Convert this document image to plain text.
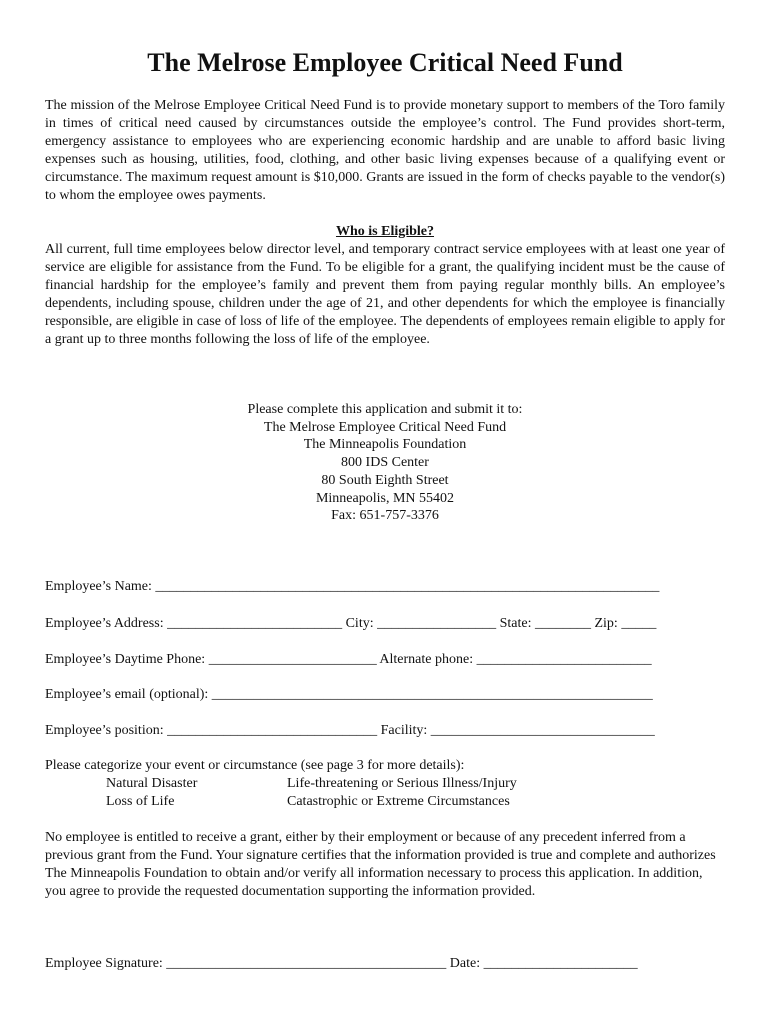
The Melrose Employee Critical Need Fund

The mission of the Melrose Employee Critical Need Fund is to provide monetary support to members of the Toro family in times of critical need caused by circumstances outside the employee’s control. The Fund provides short-term, emergency assistance to employees who are experiencing economic hardship and are unable to afford basic living expenses such as housing, utilities, food, clothing, and other basic living expenses because of a qualifying event or circumstance. The maximum request amount is $10,000. Grants are issued in the form of checks payable to the vendor(s) to whom the employee owes payments.

Who is Eligible?

All current, full time employees below director level, and temporary contract service employees with at least one year of service are eligible for assistance from the Fund. To be eligible for a grant, the qualifying incident must be the cause of financial hardship for the employee’s family and prevent them from paying regular monthly bills. An employee’s dependents, including spouse, children under the age of 21, and other dependents for which the employee is financially responsible, are eligible in case of loss of life of the employee. The dependents of employees remain eligible to apply for a grant up to three months following the loss of life of the employee.

Please complete this application and submit it to:
The Melrose Employee Critical Need Fund
The Minneapolis Foundation
800 IDS Center
80 South Eighth Street
Minneapolis, MN 55402
Fax: 651-757-3376
Employee’s Name: ________________________________________________________________________
Employee’s Address: _________________________ City: _________________ State: ________ Zip: _____
Employee’s Daytime Phone: ________________________ Alternate phone: _________________________
Employee’s email (optional): _______________________________________________________________
Employee’s position: ______________________________ Facility: ________________________________
Please categorize your event or circumstance (see page 3 for more details):
Natural Disaster	Life-threatening or Serious Illness/Injury
Loss of Life	Catastrophic or Extreme Circumstances

No employee is entitled to receive a grant, either by their employment or because of any precedent inferred from a previous grant from the Fund. Your signature certifies that the information provided is true and complete and authorizes The Minneapolis Foundation to obtain and/or verify all information necessary to process this application. In addition, you agree to provide the requested documentation supporting the information provided.

Employee Signature: ________________________________________ Date: ______________________
